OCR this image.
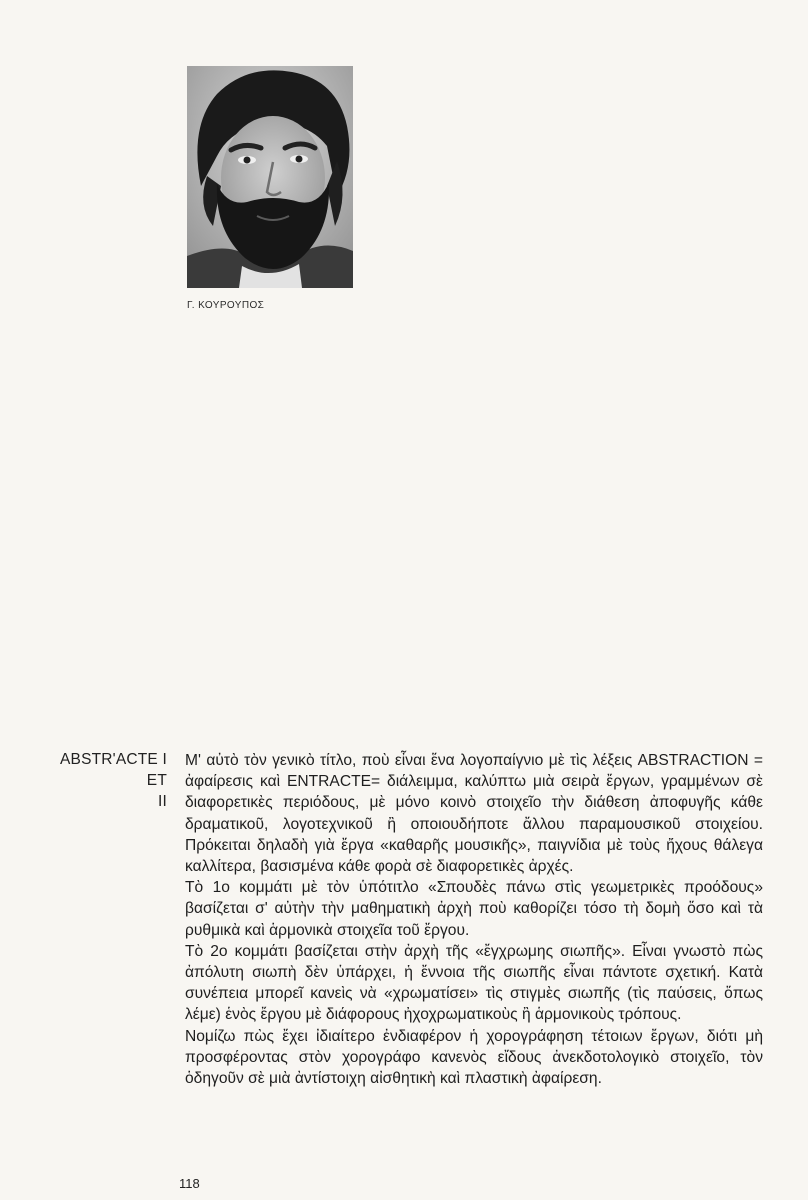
Γ. ΚΟΥΡΟΥΠΟΣ
ABSTR'ACTE I
ET
II

Μ' αὐτὸ τὸν γενικὸ τίτλο, ποὺ εἶναι ἕνα λογοπαίγνιο μὲ τὶς λέξεις ABSTRACTION = ἀφαίρεσις καὶ ENTRACTE= διάλειμμα, καλύπτω μιὰ σειρὰ ἔργων, γραμμένων σὲ διαφορετικὲς περιόδους, μὲ μόνο κοινὸ στοιχεῖο τὴν διάθεση ἀποφυγῆς κάθε δραματικοῦ, λογοτεχνικοῦ ἢ οποιουδήποτε ἄλλου παραμουσικοῦ στοιχείου. Πρόκειται δηλαδὴ γιὰ ἔργα «καθαρῆς μουσικῆς», παιγνίδια μὲ τοὺς ἤχους θάλεγα καλλίτερα, βασισμένα κάθε φορὰ σὲ διαφορετικὲς ἀρχές.

Τὸ 1ο κομμάτι μὲ τὸν ὑπότιτλο «Σπουδὲς πάνω στὶς γεωμετρικὲς προόδους» βασίζεται σ' αὐτὴν τὴν μαθηματικὴ ἀρχὴ ποὺ καθορίζει τόσο τὴ δομὴ ὅσο καὶ τὰ ρυθμικὰ καὶ ἁρμονικὰ στοιχεῖα τοῦ ἔργου.

Τὸ 2ο κομμάτι βασίζεται στὴν ἀρχὴ τῆς «ἔγχρωμης σιωπῆς». Εἶναι γνωστὸ πὼς ἀπόλυτη σιωπὴ δὲν ὑπάρχει, ἡ ἔννοια τῆς σιωπῆς εἶναι πάντοτε σχετική. Κατὰ συνέπεια μπορεῖ κανεὶς νὰ «χρωματίσει» τὶς στιγμὲς σιωπῆς (τὶς παύσεις, ὅπως λέμε) ἑνὸς ἔργου μὲ διάφορους ἠχοχρωματικοὺς ἢ ἁρμονικοὺς τρόπους.

Νομίζω πὼς ἔχει ἰδιαίτερο ἐνδιαφέρον ἡ χορογράφηση τέτοιων ἔργων, διότι μὴ προσφέροντας στὸν χορογράφο κανενὸς εἴδους ἀνεκδοτολογικὸ στοιχεῖο, τὸν ὁδηγοῦν σὲ μιὰ ἀντίστοιχη αἰσθητικὴ καὶ πλαστικὴ ἀφαίρεση.

118
